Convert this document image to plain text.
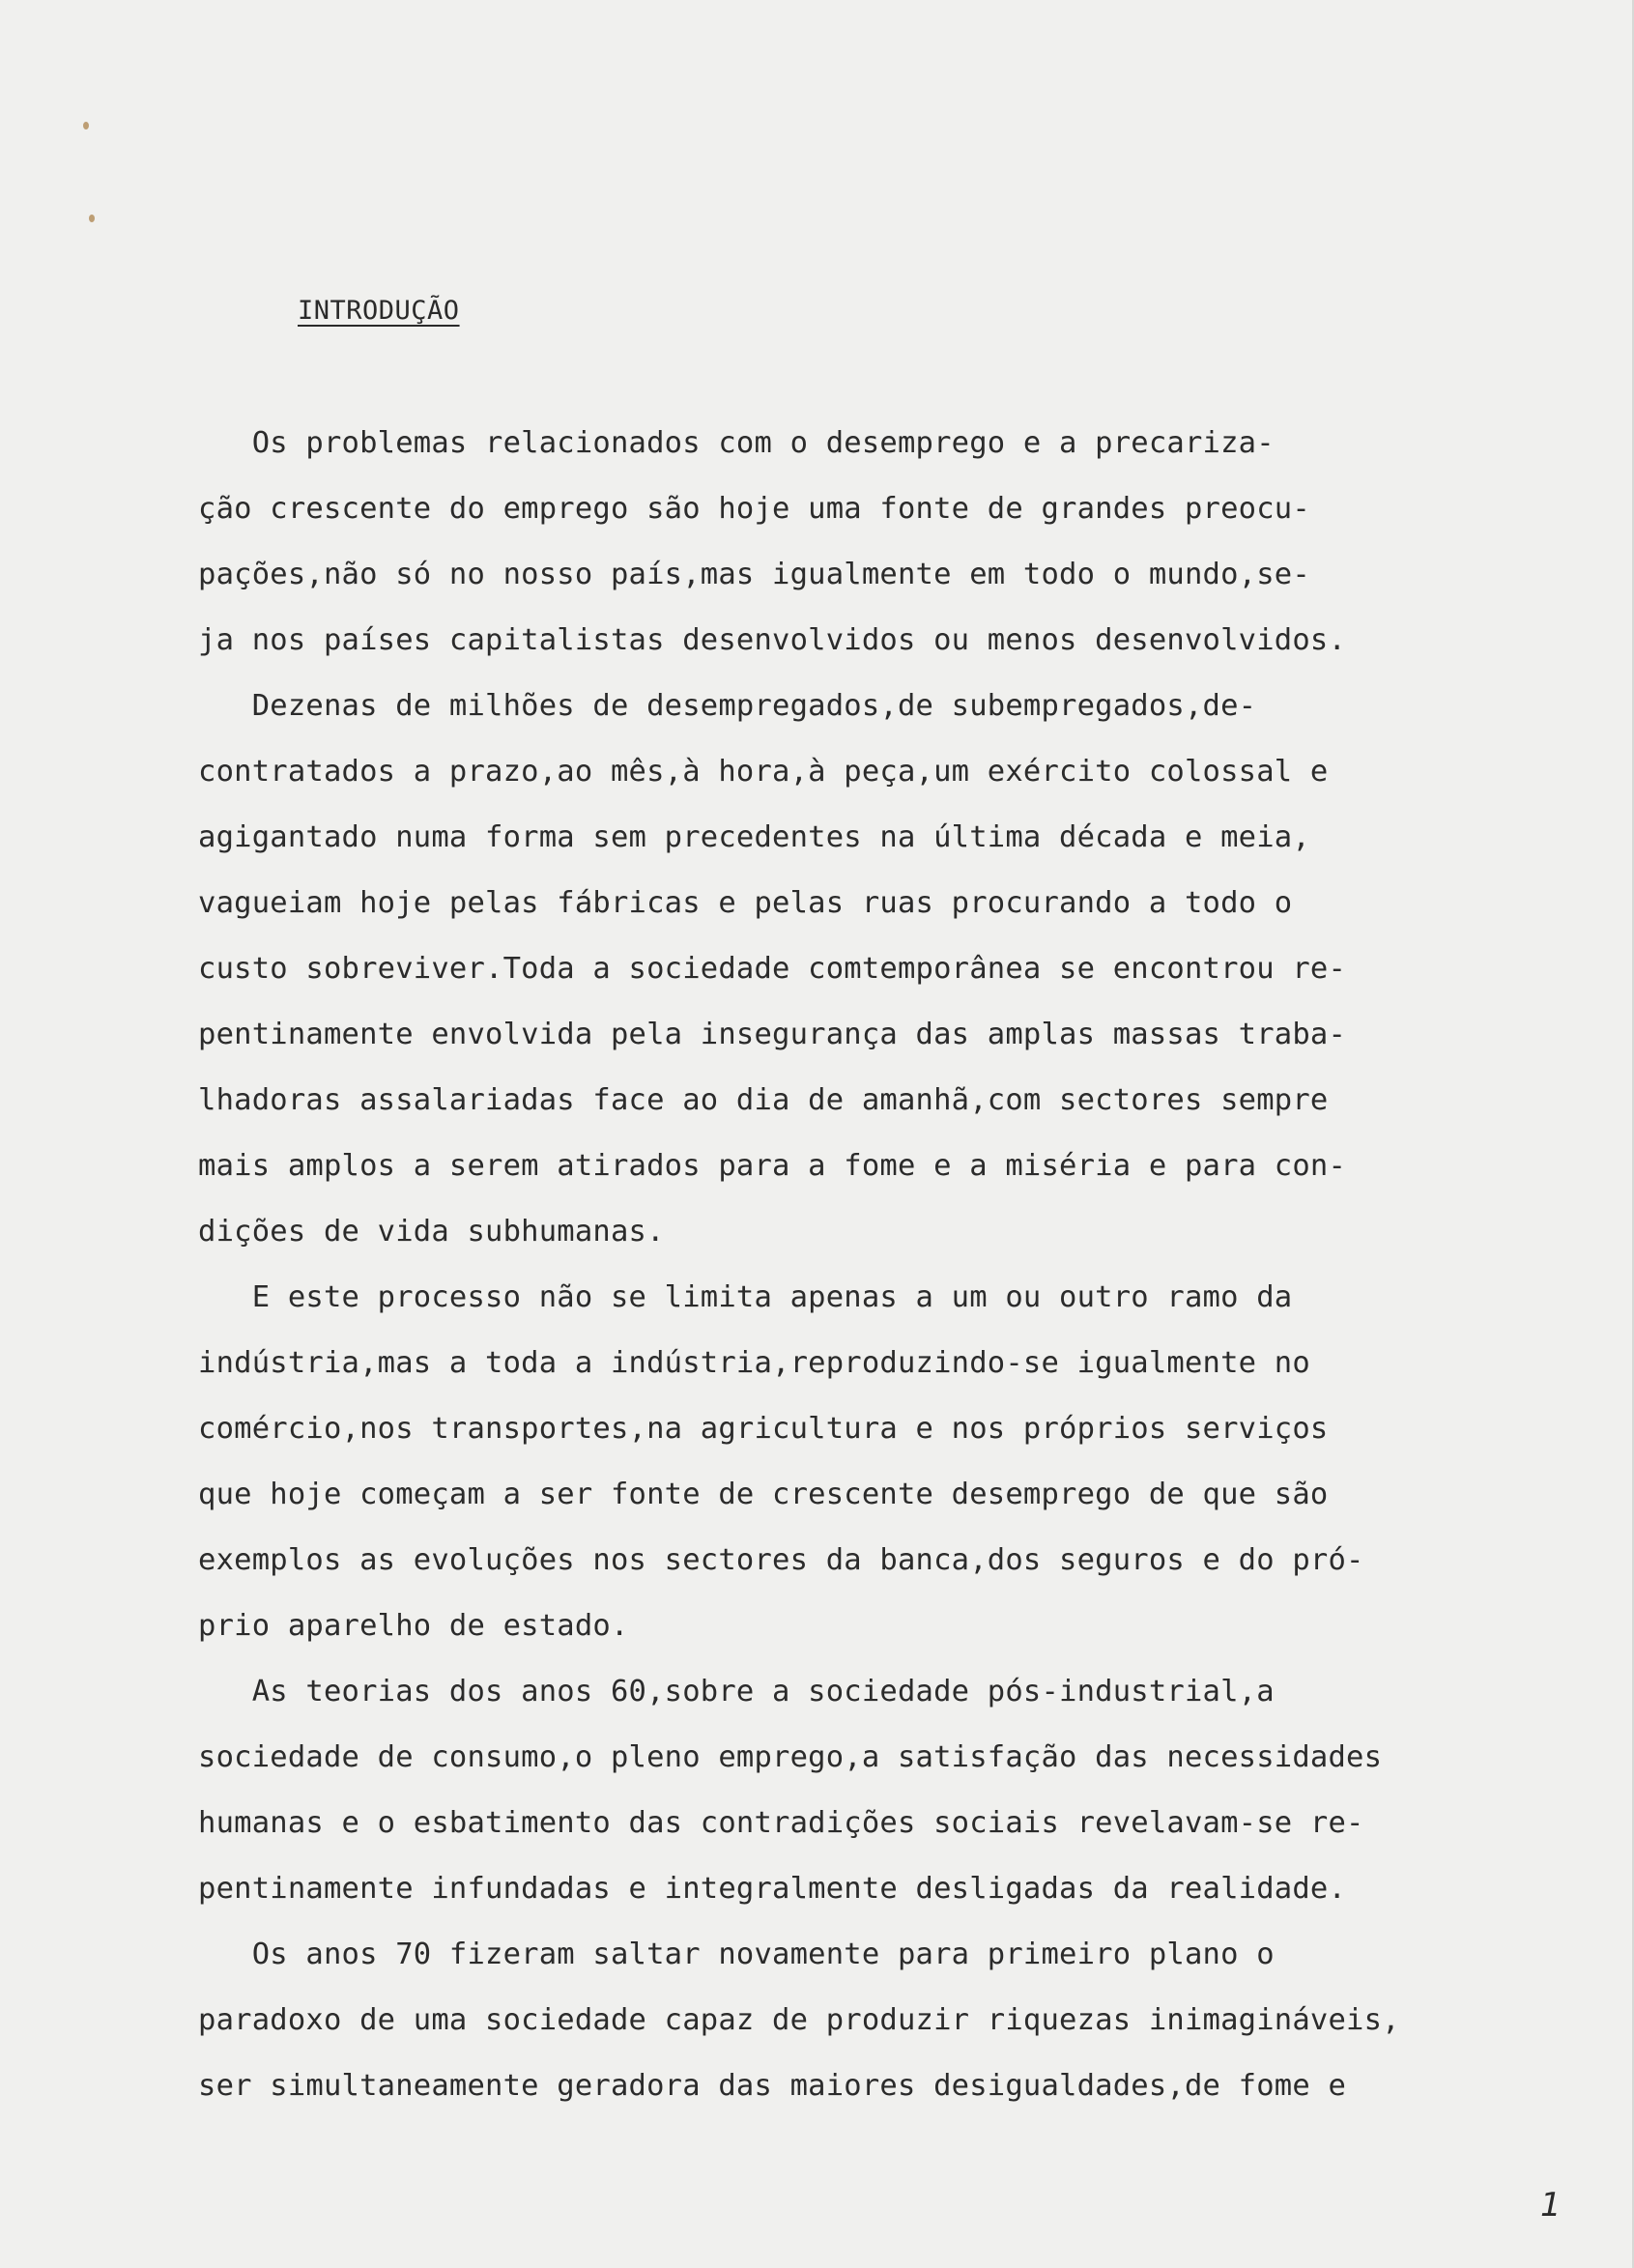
INTRODUÇÃO
Os problemas relacionados com o desemprego e a precariza-
ção crescente do emprego são hoje uma fonte de grandes preocu-
pações,não só no nosso país,mas igualmente em todo o mundo,se-
ja nos países capitalistas desenvolvidos ou menos desenvolvidos.
Dezenas de milhões de desempregados,de subempregados,de-
contratados a prazo,ao mês,à hora,à peça,um exército colossal e
agigantado numa forma sem precedentes na última década e meia,
vagueiam hoje pelas fábricas e pelas ruas procurando a todo o
custo sobreviver.Toda a sociedade comtemporânea se encontrou re-
pentinamente envolvida pela insegurança das amplas massas traba-
lhadoras assalariadas face ao dia de amanhã,com sectores sempre
mais amplos a serem atirados para a fome e a miséria e para con-
dições de vida subhumanas.
E este processo não se limita apenas a um ou outro ramo da
indústria,mas a toda a indústria,reproduzindo-se igualmente no
comércio,nos transportes,na agricultura e nos próprios serviços
que hoje começam a ser fonte de crescente desemprego de que são
exemplos as evoluções nos sectores da banca,dos seguros e do pró-
prio aparelho de estado.
As teorias dos anos 60,sobre a sociedade pós-industrial,a
sociedade de consumo,o pleno emprego,a satisfação das necessidades
humanas e o esbatimento das contradições sociais revelavam-se re-
pentinamente infundadas e integralmente desligadas da realidade.
Os anos 70 fizeram saltar novamente para primeiro plano o
paradoxo de uma sociedade capaz de produzir riquezas inimagináveis,
ser simultaneamente geradora das maiores desigualdades,de fome e
1
